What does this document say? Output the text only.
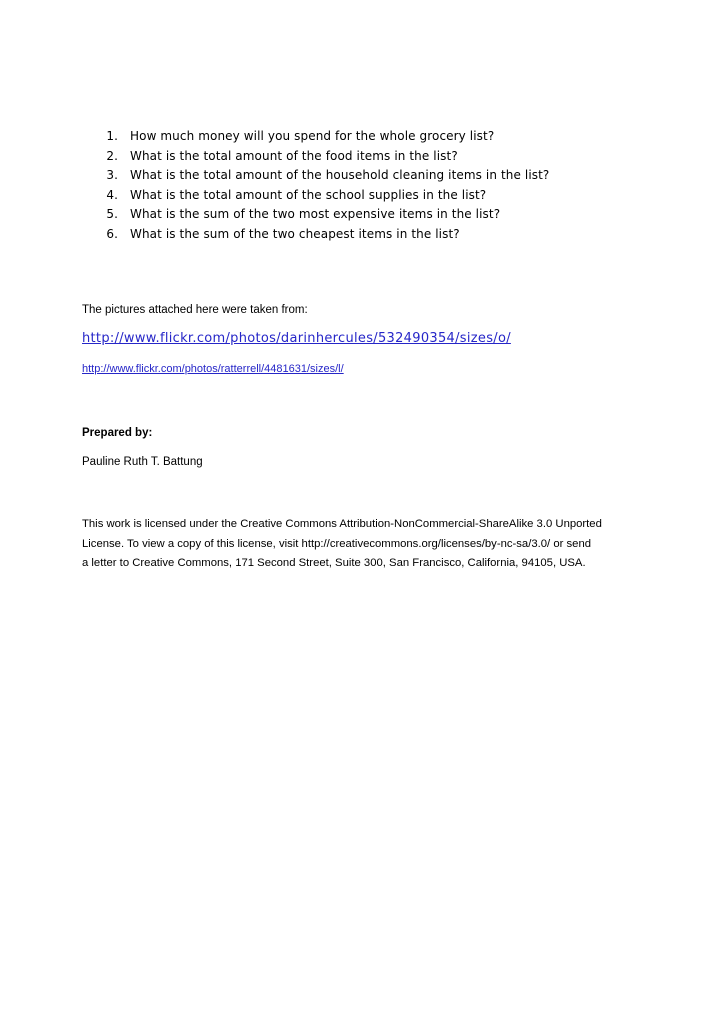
1. How much money will you spend for the whole grocery list?
2. What is the total amount of the food items in the list?
3. What is the total amount of the household cleaning items in the list?
4. What is the total amount of the school supplies in the list?
5. What is the sum of the two most expensive items in the list?
6. What is the sum of the two cheapest items in the list?
The pictures attached here were taken from:
http://www.flickr.com/photos/darinhercules/532490354/sizes/o/
http://www.flickr.com/photos/ratterrell/4481631/sizes/l/
Prepared by:
Pauline Ruth T. Battung
This work is licensed under the Creative Commons Attribution-NonCommercial-ShareAlike 3.0 Unported
License. To view a copy of this license, visit http://creativecommons.org/licenses/by-nc-sa/3.0/ or send
a letter to Creative Commons, 171 Second Street, Suite 300, San Francisco, California, 94105, USA.
